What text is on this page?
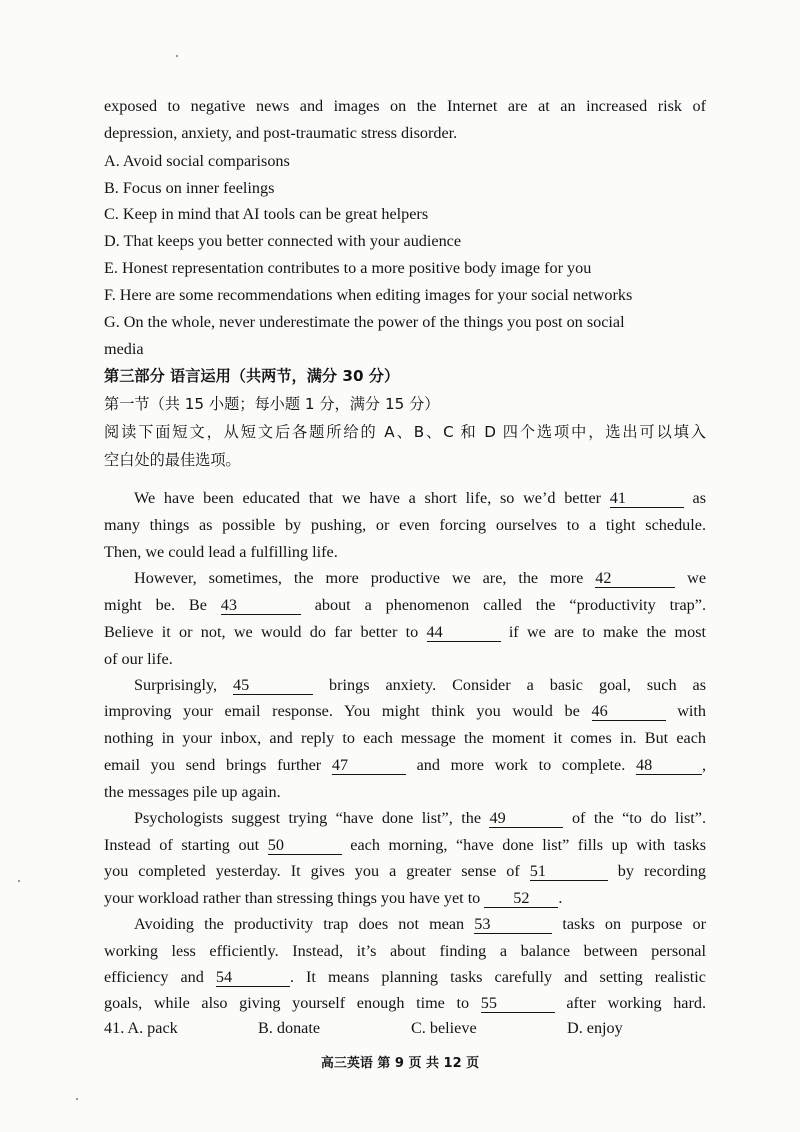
exposed to negative news and images on the Internet are at an increased risk of
depression, anxiety, and post-traumatic stress disorder.
A. Avoid social comparisons
B. Focus on inner feelings
C. Keep in mind that AI tools can be great helpers
D. That keeps you better connected with your audience
E. Honest representation contributes to a more positive body image for you
F. Here are some recommendations when editing images for your social networks
G. On the whole, never underestimate the power of the things you post on social
media
第三部分 语言运用（共两节，满分 30 分）
第一节（共 15 小题；每小题 1 分，满分 15 分）
阅读下面短文，从短文后各题所给的 A、B、C 和 D 四个选项中，选出可以填入
空白处的最佳选项。
We have been educated that we have a short life, so we’d better 41	as
many things as possible by pushing, or even forcing ourselves to a tight schedule.
Then, we could lead a fulfilling life.
However, sometimes, the more productive we are, the more 42	we
might be. Be 43	about a phenomenon called the “productivity trap”.
Believe it or not, we would do far better to 44	if we are to make the most
of our life.
Surprisingly, 45	brings anxiety. Consider a basic goal, such as
improving your email response. You might think you would be 46	with
nothing in your inbox, and reply to each message the moment it comes in. But each
email you send brings further 47	and more work to complete. 48	,
the messages pile up again.
Psychologists suggest trying “have done list”, the 49	of the “to do list”.
Instead of starting out 50	each morning, “have done list” fills up with tasks
you completed yesterday. It gives you a greater sense of 51	by recording
your workload rather than stressing things you have yet to 52 .
Avoiding the productivity trap does not mean 53	tasks on purpose or
working less efficiently. Instead, it’s about finding a balance between personal
efficiency and 54	. It means planning tasks carefully and setting realistic
goals, while also giving yourself enough time to 55	after working hard.
41. A. pack	B. donate	C. believe	D. enjoy
高三英语 第 9 页 共 12 页
